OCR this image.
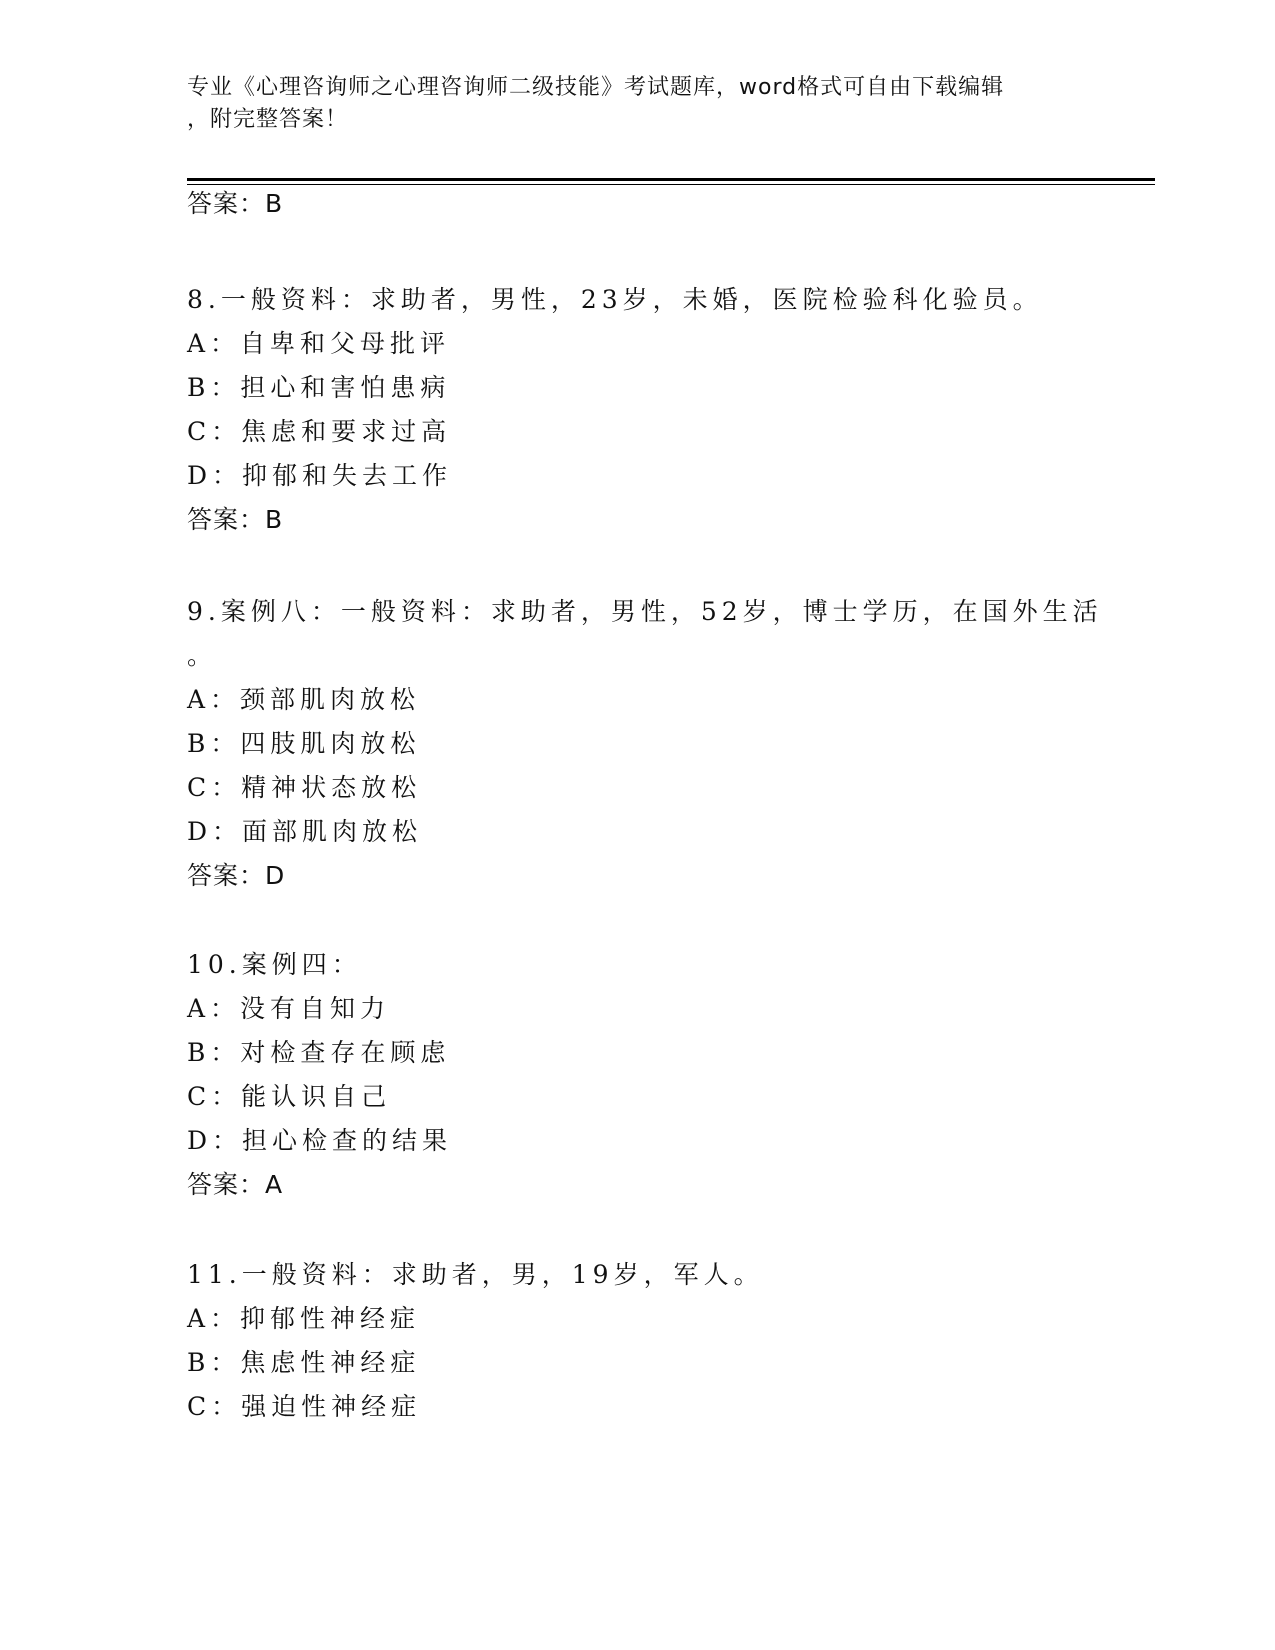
专业《心理咨询师之心理咨询师二级技能》考试题库，word格式可自由下载编辑
，附完整答案！
答案：B
8.一般资料：求助者，男性，23岁，未婚，医院检验科化验员。
A：自卑和父母批评
B：担心和害怕患病
C：焦虑和要求过高
D：抑郁和失去工作
答案：B
9.案例八：一般资料：求助者，男性，52岁，博士学历，在国外生活
。
A：颈部肌肉放松
B：四肢肌肉放松
C：精神状态放松
D：面部肌肉放松
答案：D
10.案例四：
A：没有自知力
B：对检查存在顾虑
C：能认识自己
D：担心检查的结果
答案：A
11.一般资料：求助者，男，19岁，军人。
A：抑郁性神经症
B：焦虑性神经症
C：强迫性神经症
